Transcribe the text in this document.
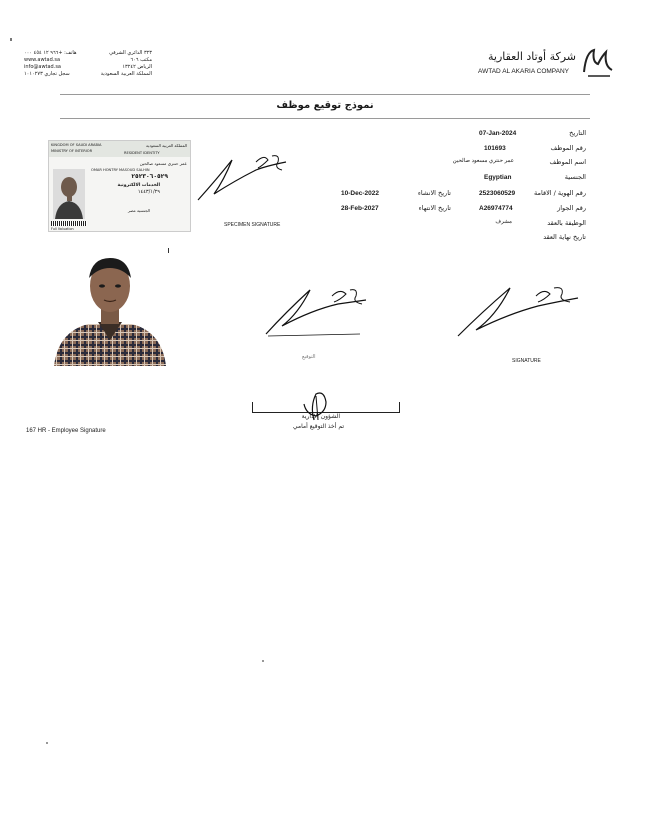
٣٢٣ الدائري الشرقي
مكتب ٦٠٦
الرياض ١٣٢٤٢
المملكة العربية السعودية
هاتف: +٩٦٦ ١٢ ٤٥٤ ٠٠٠
www.awtad.sa
info@awtad.sa
سجل تجاري ١٠١٠٢٧٣
شركة أوتاد العقارية
AWTAD AL AKARIA COMPANY
نموذج توقيع موظف
KINGDOM OF SAUDI ARABIA
MINISTRY OF INTERIOR
المملكة العربية السعودية
RESIDENT IDENTITY
عمر حنتري مسعود صالحين
OMAR HONTRY MASOUD SALHIN
٢٥٢٣٠٦٠٥٢٩
الخدمات الالكترونية
١٤٤٣/١/٢٩
الجنسية مصر
Full Valuation
SPECIMEN SIGNATURE
التاريخ
07-Jan-2024
رقم الموظف
101693
اسم الموظف
عمر حنتري مسعود صالحين
الجنسية
Egyptian
رقم الهوية / الاقامة
2523060529
تاريخ الانشاء
10-Dec-2022
رقم الجواز
A26974774
تاريخ الانتهاء
28-Feb-2027
الوظيفة بالعقد
مشرف
تاريخ نهاية العقد
التوقيع
SIGNATURE
الشؤون الإدارية
تم أخذ التوقيع أمامي
167 HR - Employee Signature
